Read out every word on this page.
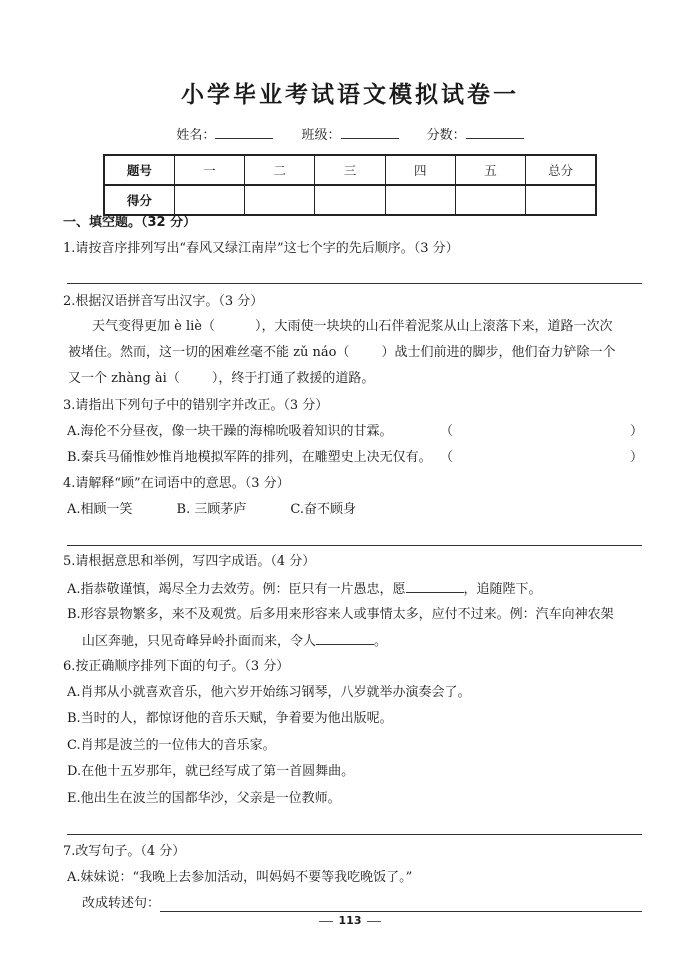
小学毕业考试语文模拟试卷一
姓名：	班级：	分数：
题号	一	二	三	四	五	总分
得分						
一、填空题。（32 分）
1.请按音序排列写出“春风又绿江南岸”这七个字的先后顺序。（3 分）
2.根据汉语拼音写出汉字。（3 分）
天气变得更加 è liè（	），大雨使一块块的山石伴着泥浆从山上滚落下来，道路一次次
被堵住。然而，这一切的困难丝毫不能 zǔ náo（ ）战士们前进的脚步，他们奋力铲除一个
又一个 zhàng ài（ ），终于打通了救援的道路。
3.请指出下列句子中的错别字并改正。（3 分）
A.海伦不分昼夜，像一块干躁的海棉吮吸着知识的甘霖。	（	）
B.秦兵马俑惟妙惟肖地模拟军阵的排列，在雕塑史上决无仅有。 （	）
4.请解释“顾”在词语中的意思。（3 分）
A.相顾一笑	B. 三顾茅庐	C.奋不顾身
5.请根据意思和举例，写四字成语。（4 分）
A.指恭敬谨慎，竭尽全力去效劳。例：臣只有一片愚忠，愿	，追随陛下。
B.形容景物繁多，来不及观赏。后多用来形容来人或事情太多，应付不过来。例：汽车向神农架
山区奔驰，只见奇峰异岭扑面而来，令人	。
6.按正确顺序排列下面的句子。（3 分）
A.肖邦从小就喜欢音乐，他六岁开始练习钢琴，八岁就举办演奏会了。
B.当时的人，都惊讶他的音乐天赋，争着要为他出版呢。
C.肖邦是波兰的一位伟大的音乐家。
D.在他十五岁那年，就已经写成了第一首圆舞曲。
E.他出生在波兰的国都华沙，父亲是一位教师。
7.改写句子。（4 分）
A.妹妹说：“我晚上去参加活动，叫妈妈不要等我吃晚饭了。”
改成转述句：
113
